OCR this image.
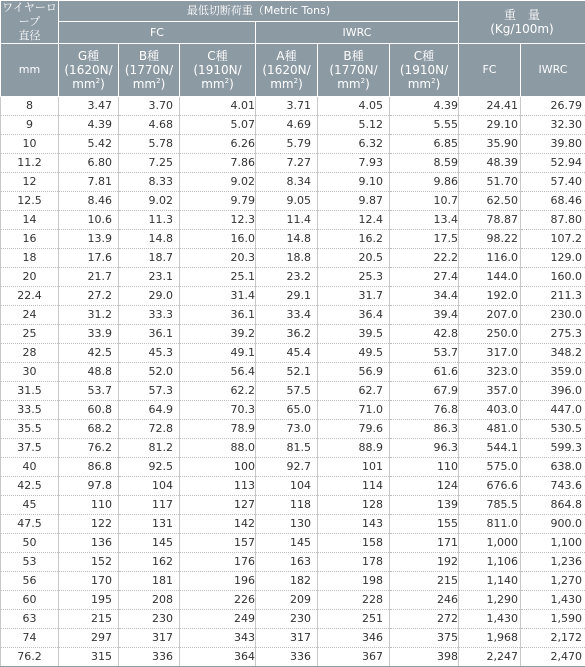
ワイヤーロープ
直径	最低切断荷重（Metric Tons)						重　量
(Kg/100m)	

	FC			IWRC				
mm	G種
(1620N/
$mm^2$)	B種
(1770N/
$mm^2$)	C種
(1910N/
$mm^2$)	A種
(1620N/
$mm^2$)	B種
(1770N/
$mm^2$)	C種
(1910N/
$mm^2$)	FC	IWRC
8	3.47	3.70	4.01	3.71	4.05	4.39	24.41	26.79
9	4.39	4.68	5.07	4.69	5.12	5.55	29.10	32.30
10	5.42	5.78	6.26	5.79	6.32	6.85	35.90	39.80
11.2	6.80	7.25	7.86	7.27	7.93	8.59	48.39	52.94
12	7.81	8.33	9.02	8.34	9.10	9.86	51.70	57.40
12.5	8.46	9.02	9.79	9.05	9.87	10.7	62.50	68.46
14	10.6	11.3	12.3	11.4	12.4	13.4	78.87	87.80
16	13.9	14.8	16.0	14.8	16.2	17.5	98.22	107.2
18	17.6	18.7	20.3	18.8	20.5	22.2	116.0	129.0
20	21.7	23.1	25.1	23.2	25.3	27.4	144.0	160.0
22.4	27.2	29.0	31.4	29.1	31.7	34.4	192.0	211.3
24	31.2	33.3	36.1	33.4	36.4	39.4	207.0	230.0
25	33.9	36.1	39.2	36.2	39.5	42.8	250.0	275.3
28	42.5	45.3	49.1	45.4	49.5	53.7	317.0	348.2
30	48.8	52.0	56.4	52.1	56.9	61.6	323.0	359.0
31.5	53.7	57.3	62.2	57.5	62.7	67.9	357.0	396.0
33.5	60.8	64.9	70.3	65.0	71.0	76.8	403.0	447.0
35.5	68.2	72.8	78.9	73.0	79.6	86.3	481.0	530.5
37.5	76.2	81.2	88.0	81.5	88.9	96.3	544.1	599.3
40	86.8	92.5	100	92.7	101	110	575.0	638.0
42.5	97.8	104	113	104	114	124	676.6	743.6
45	110	117	127	118	128	139	785.5	864.8
47.5	122	131	142	130	143	155	811.0	900.0
50	136	145	157	145	158	171	1,000	1,100
53	152	162	176	163	178	192	1,106	1,236
56	170	181	196	182	198	215	1,140	1,270
60	195	208	226	209	228	246	1,290	1,430
63	215	230	249	230	251	272	1,430	1,590
74	297	317	343	317	346	375	1,968	2,172
76.2	315	336	364	336	367	398	2,247	2,470
